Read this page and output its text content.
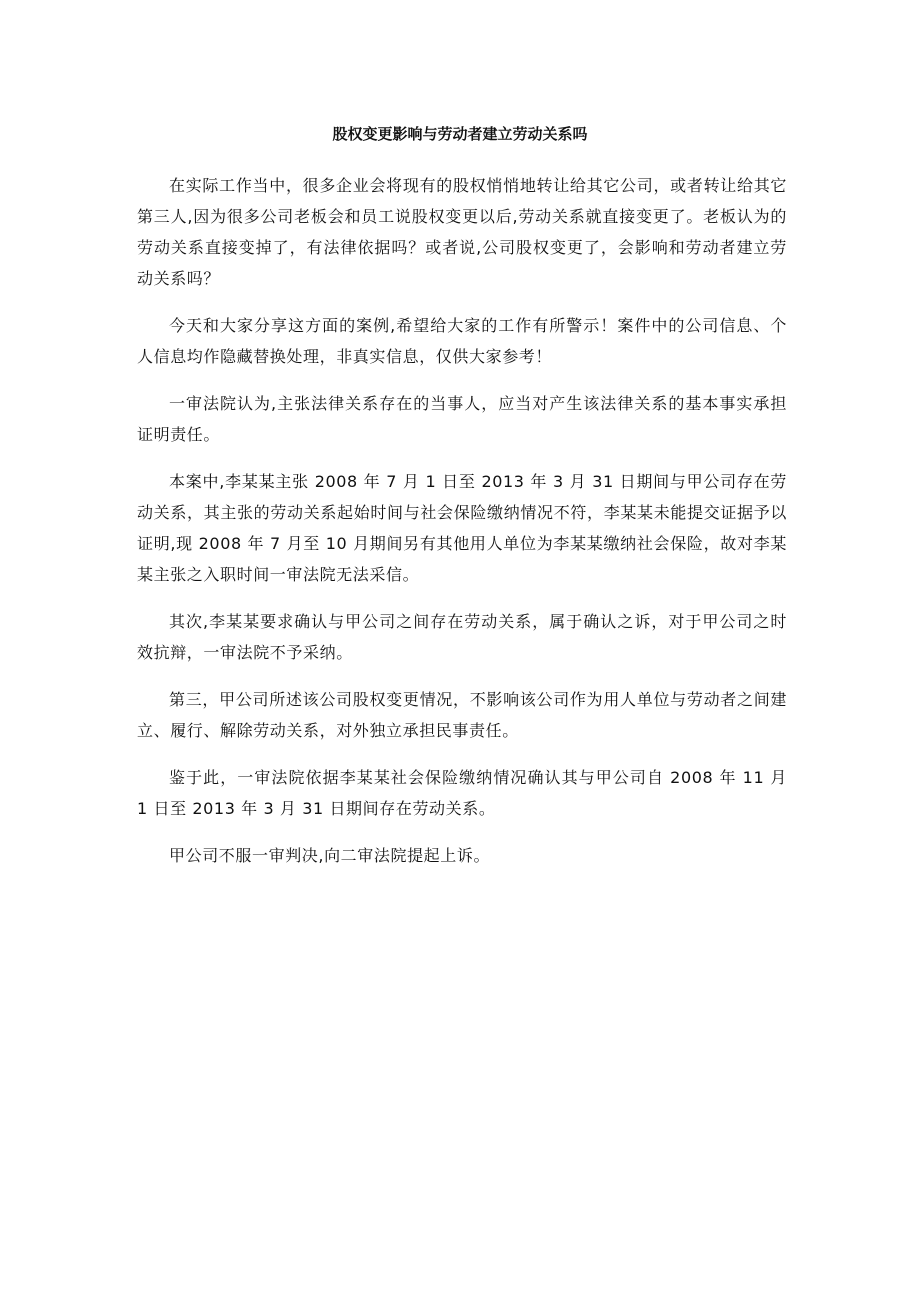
股权变更影响与劳动者建立劳动关系吗

在实际工作当中，很多企业会将现有的股权悄悄地转让给其它公司，或者转让给其它第三人,因为很多公司老板会和员工说股权变更以后,劳动关系就直接变更了。老板认为的劳动关系直接变掉了，有法律依据吗？或者说,公司股权变更了，会影响和劳动者建立劳动关系吗？

今天和大家分享这方面的案例,希望给大家的工作有所警示！案件中的公司信息、个人信息均作隐藏替换处理，非真实信息，仅供大家参考！

一审法院认为,主张法律关系存在的当事人，应当对产生该法律关系的基本事实承担证明责任。

本案中,李某某主张 2008 年 7 月 1 日至 2013 年 3 月 31 日期间与甲公司存在劳动关系，其主张的劳动关系起始时间与社会保险缴纳情况不符，李某某未能提交证据予以证明,现 2008 年 7 月至 10 月期间另有其他用人单位为李某某缴纳社会保险，故对李某某主张之入职时间一审法院无法采信。

其次,李某某要求确认与甲公司之间存在劳动关系，属于确认之诉，对于甲公司之时效抗辩，一审法院不予采纳。

第三，甲公司所述该公司股权变更情况，不影响该公司作为用人单位与劳动者之间建立、履行、解除劳动关系，对外独立承担民事责任。

鉴于此，一审法院依据李某某社会保险缴纳情况确认其与甲公司自 2008 年 11 月 1 日至 2013 年 3 月 31 日期间存在劳动关系。

甲公司不服一审判决,向二审法院提起上诉。
